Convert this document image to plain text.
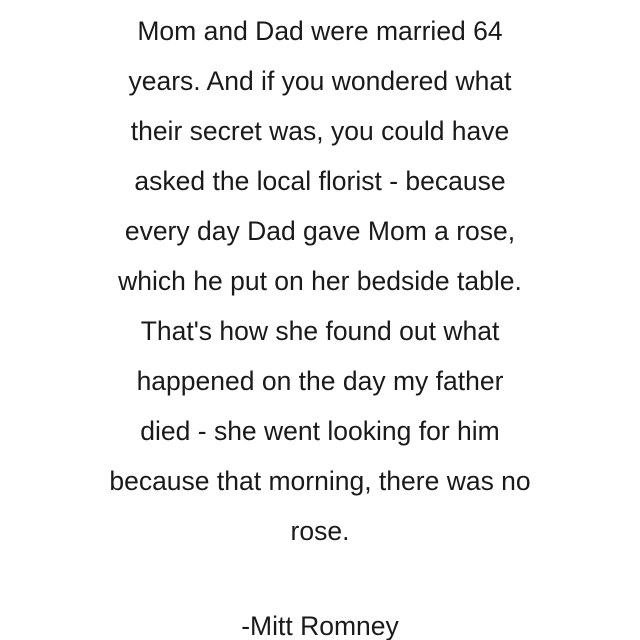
Mom and Dad were married 64
years. And if you wondered what
their secret was, you could have
asked the local florist - because
every day Dad gave Mom a rose,
which he put on her bedside table.
That's how she found out what
happened on the day my father
died - she went looking for him
because that morning, there was no
rose.

-Mitt Romney
